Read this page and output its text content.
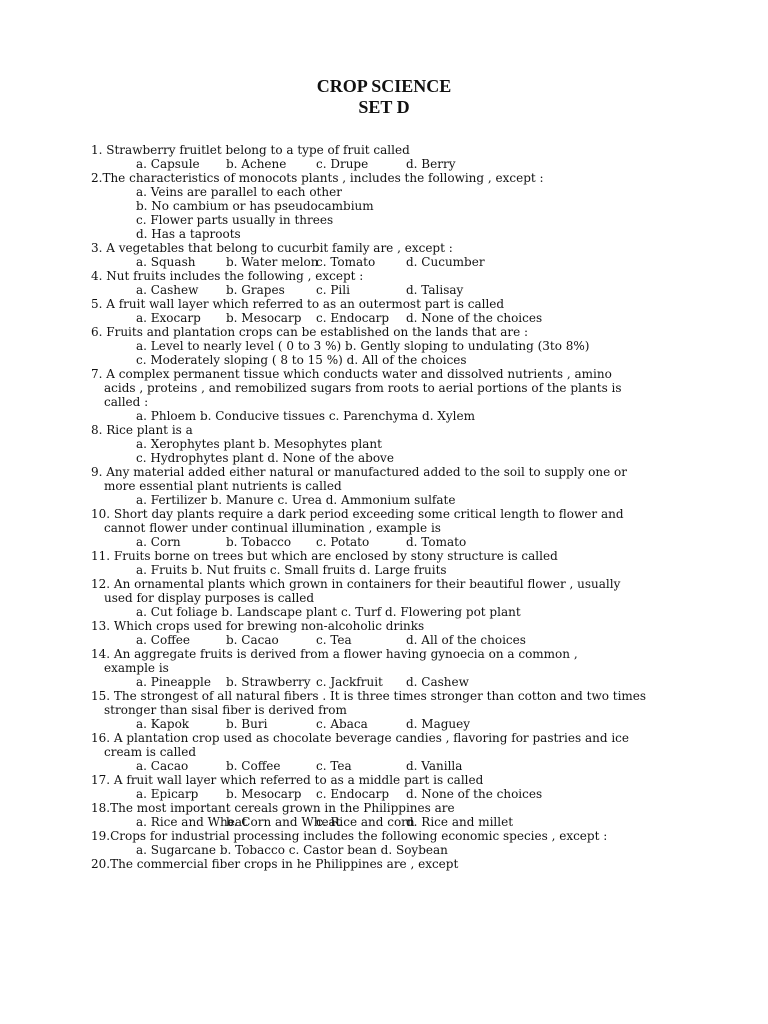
CROP SCIENCE
SET D
1. Strawberry fruitlet belong to a type of fruit called
a. Capsule b. Achene c. Drupe	d. Berry
2.The characteristics of monocots plants , includes the following , except :
a. Veins are parallel to each other
b. No cambium or has pseudocambium
c. Flower parts usually in threes
d. Has a taproots
3. A vegetables that belong to cucurbit family are , except :
a. Squash	b. Water melon
c. Tomato	d. Cucumber
4. Nut fruits includes the following , except :
a. Cashew b. Grapes	c. Pili	d. Talisay
5. A fruit wall layer which referred to as an outermost part is called
a. Exocarp b. Mesocarp c. Endocarp d. None of the choices
6. Fruits and plantation crops can be established on the lands that are :
a. Level to nearly level ( 0 to 3 %) b. Gently sloping to undulating (3to 8%)
c. Moderately sloping ( 8 to 15 %) d. All of the choices
7. A complex permanent tissue which conducts water and dissolved nutrients , amino
acids , proteins , and remobilized sugars from roots to aerial portions of the plants is
called :
a. Phloem b. Conducive tissues c. Parenchyma d. Xylem
8. Rice plant is a
a. Xerophytes plant b. Mesophytes plant
c. Hydrophytes plant d. None of the above
9. Any material added either natural or manufactured added to the soil to supply one or
more essential plant nutrients is called
a. Fertilizer b. Manure c. Urea d. Ammonium sulfate
10. Short day plants require a dark period exceeding some critical length to flower and
cannot flower under continual illumination , example is
a. Corn	b. Tobacco c. Potato	d. Tomato
11. Fruits borne on trees but which are enclosed by stony structure is called
a. Fruits b. Nut fruits c. Small fruits d. Large fruits
12. An ornamental plants which grown in containers for their beautiful flower , usually
used for display purposes is called
a. Cut foliage b. Landscape plant c. Turf d. Flowering pot plant
13. Which crops used for brewing non-alcoholic drinks
a. Coffee	b. Cacao	c. Tea	d. All of the choices
14. An aggregate fruits is derived from a flower having gynoecia on a common ,
example is
a. Pineapple b. Strawberry c. Jackfruit d. Cashew
15. The strongest of all natural fibers . It is three times stronger than cotton and two times
stronger than sisal fiber is derived from
a. Kapok	b. Buri	c. Abaca	d. Maguey
16. A plantation crop used as chocolate beverage candies , flavoring for pastries and ice
cream is called
a. Cacao	b. Coffee	c. Tea	d. Vanilla
17. A fruit wall layer which referred to as a middle part is called
a. Epicarp b. Mesocarp c. Endocarp d. None of the choices
18.The most important cereals grown in the Philippines are
a. Rice and Wheat
b. Corn and Wheat
c. Rice and corn
d. Rice and millet
19.Crops for industrial processing includes the following economic species , except :
a. Sugarcane b. Tobacco c. Castor bean d. Soybean
20.The commercial fiber crops in he Philippines are , except
